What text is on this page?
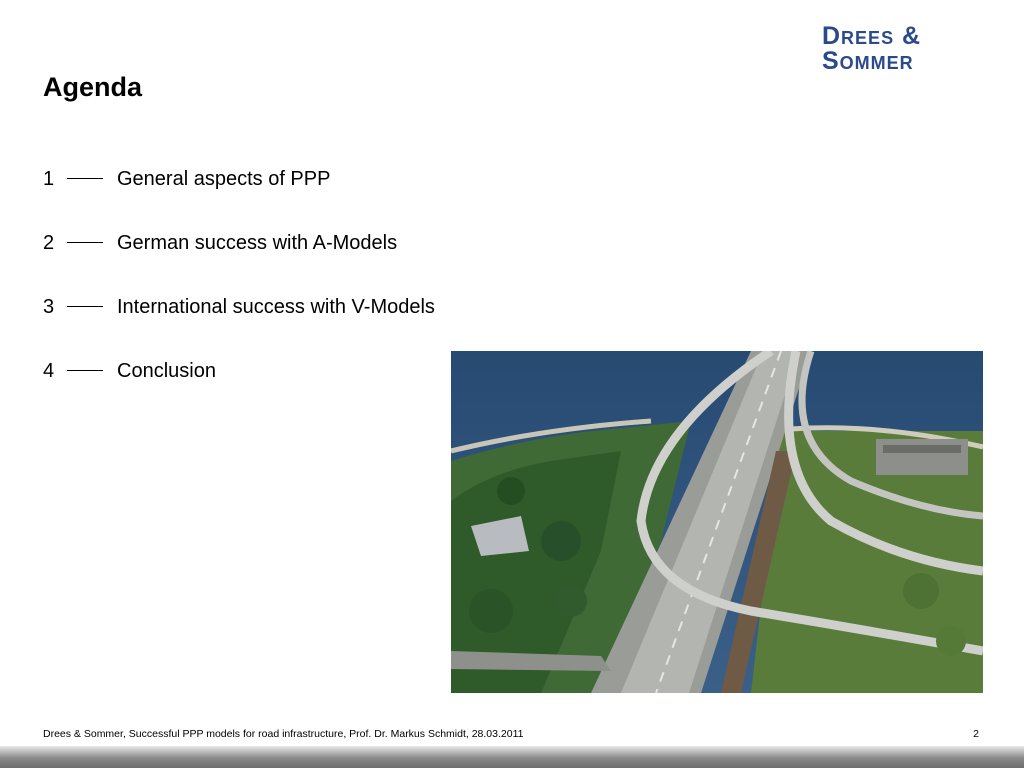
Agenda
Drees &
Sommer
1	General aspects of PPP
2	German success with A-Models
3	International success with V-Models
4	Conclusion
Drees & Sommer, Successful PPP models for road infrastructure, Prof. Dr. Markus Schmidt, 28.03.2011	2
